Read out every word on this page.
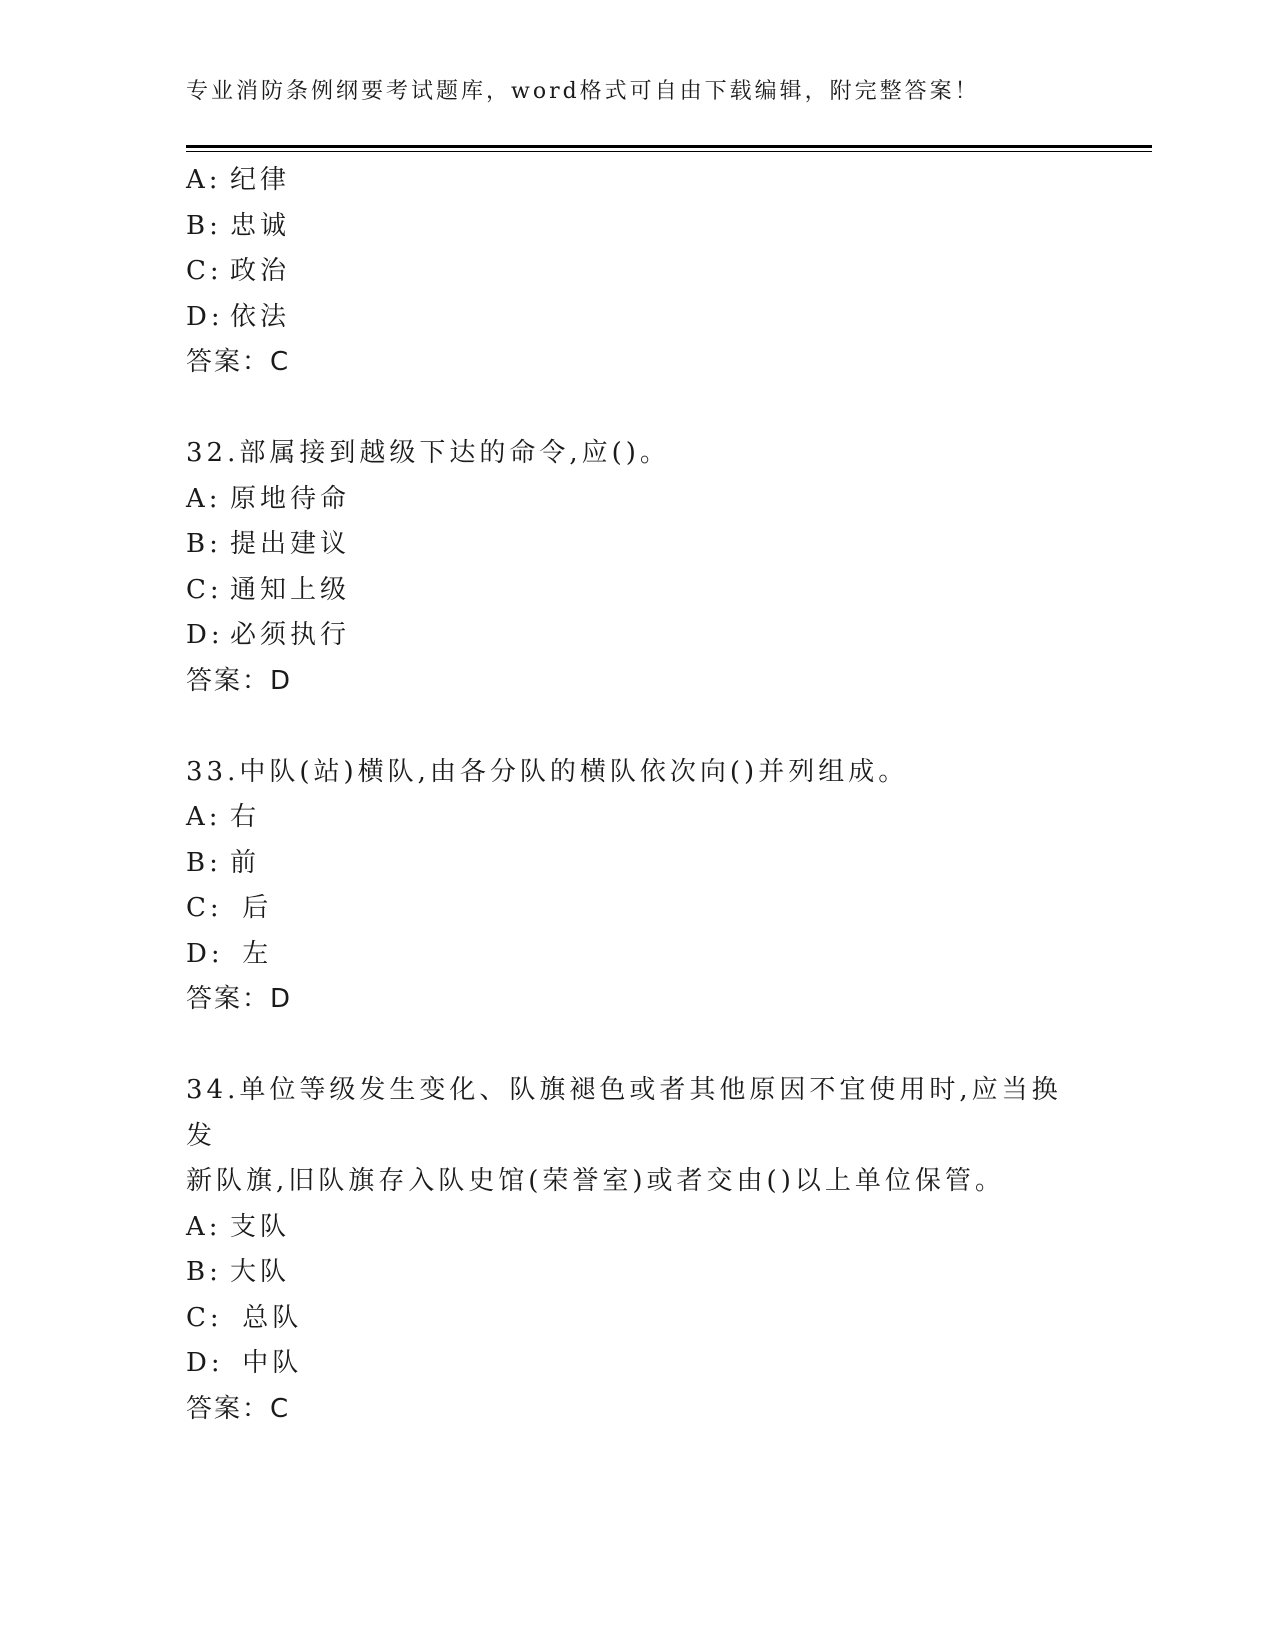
专业消防条例纲要考试题库，word格式可自由下载编辑，附完整答案！
A: 纪律
B: 忠诚
C: 政治
D: 依法
答案：C
32.部属接到越级下达的命令,应()。
A: 原地待命
B: 提出建议
C: 通知上级
D: 必须执行
答案：D
33.中队(站)横队,由各分队的横队依次向()并列组成。
A: 右
B: 前
C: 后
D: 左
答案：D
34.单位等级发生变化、队旗褪色或者其他原因不宜使用时,应当换发
新队旗,旧队旗存入队史馆(荣誉室)或者交由()以上单位保管。
A: 支队
B: 大队
C: 总队
D: 中队
答案：C
